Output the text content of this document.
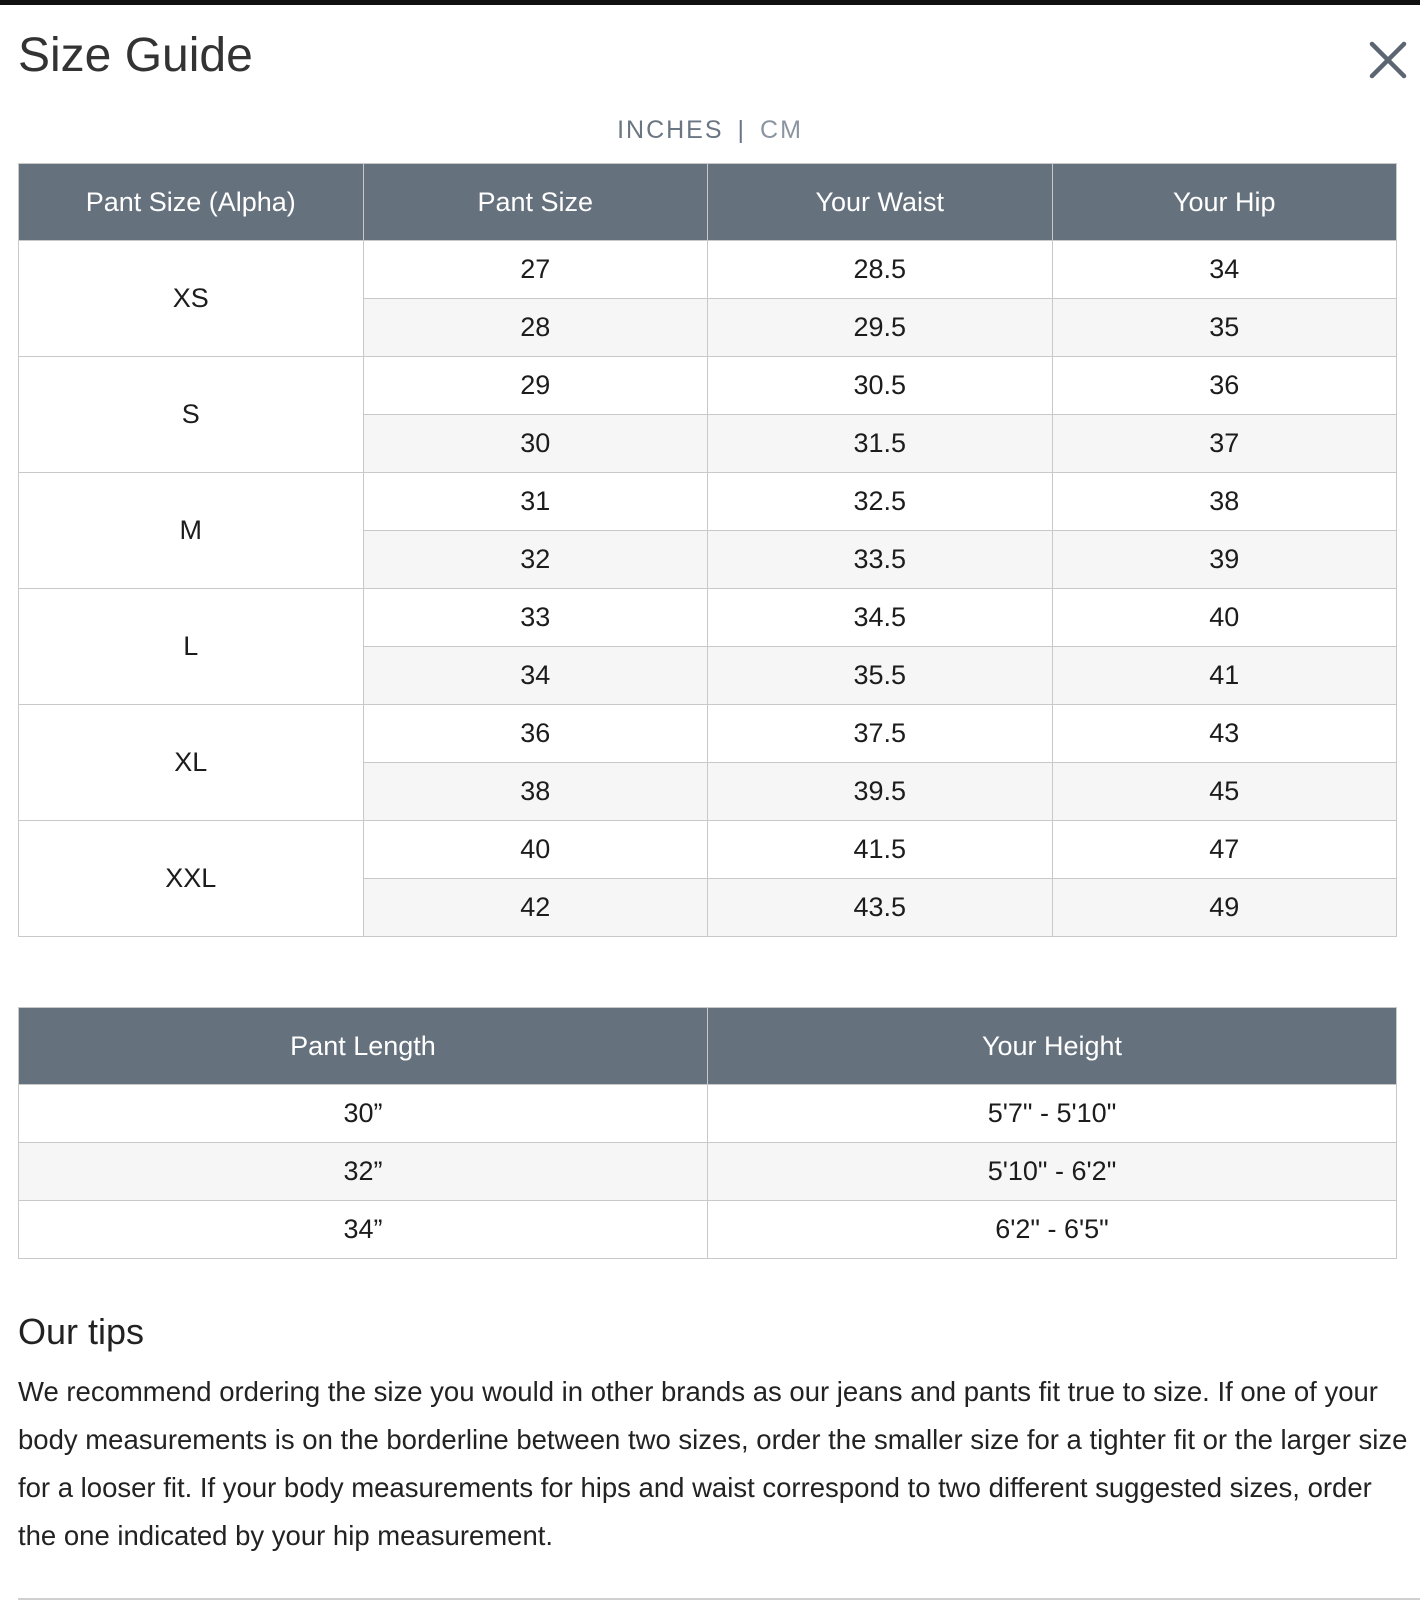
Size Guide
INCHES | CM
Pant Size (Alpha)	Pant Size	Your Waist	Your Hip
XS	27	28.5	34
	28	29.5	35
S	29	30.5	36
	30	31.5	37
M	31	32.5	38
	32	33.5	39
L	33	34.5	40
	34	35.5	41
XL	36	37.5	43
	38	39.5	45
XXL	40	41.5	47
	42	43.5	49
Pant Length	Your Height
30”	5'7" - 5'10"
32”	5'10" - 6'2"
34”	6'2" - 6'5"
Our tips

We recommend ordering the size you would in other brands as our jeans and pants fit true to size. If one of your body measurements is on the borderline between two sizes, order the smaller size for a tighter fit or the larger size for a looser fit. If your body measurements for hips and waist correspond to two different suggested sizes, order the one indicated by your hip measurement.
